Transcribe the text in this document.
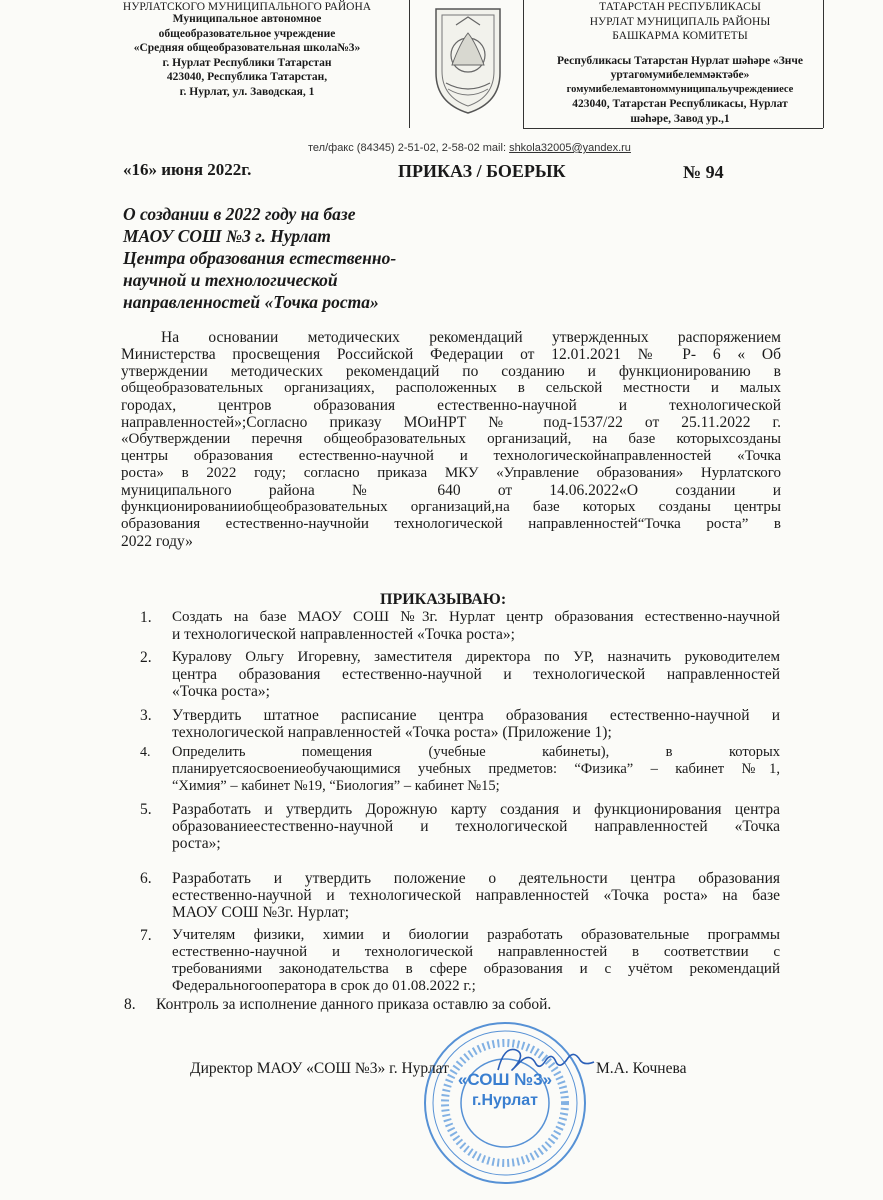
НУРЛАТСКОГО МУНИЦИПАЛЬНОГО РАЙОНА
Муниципальное автономное
общеобразовательное учреждение
«Средняя общеобразовательная школа№3»
г. Нурлат Республики Татарстан
423040, Республика Татарстан,
г. Нурлат, ул. Заводская, 1
ТАТАРСТАН РЕСПУБЛИКАСЫ
НУРЛАТ МУНИЦИПАЛЬ РАЙОНЫ
БАШКАРМА КОМИТЕТЫ
Республикасы Татарстан Нурлат шәһәре «Знче
уртагомумибелеммәктәбе»
гомумибелемавтономмуниципальучреждениесе
423040, Татарстан Республикасы, Нурлат
шәһәре, Завод ур.,1
тел/факс (84345) 2-51-02, 2-58-02 mail: shkola32005@yandex.ru
«16» июня 2022г.	ПРИКАЗ / БОЕРЫК	№ 94
О создании в 2022 году на базе
МАОУ СОШ №3 г. Нурлат
Центра образования естественно-
научной и технологической
направленностей «Точка роста»
На основании методических рекомендаций утвержденных распоряжением
Министерства просвещения Российской Федерации от 12.01.2021 № Р- 6 « Об
утверждении методических рекомендаций по созданию и функционированию в
общеобразовательных организациях, расположенных в сельской местности и малых
городах, центров образования естественно-научной и технологической
направленностей»;Согласно приказу МОиНРТ № под-1537/22 от 25.11.2022 г.
«Обутверждении перечня общеобразовательных организаций, на базе которыхсозданы
центры образования естественно-научной и технологическойнаправленностей «Точка
роста» в 2022 году; согласно приказа МКУ «Управление образования» Нурлатского
муниципального района № 640 от 14.06.2022«О создании и
функционированииобщеобразовательных организаций,на базе которых созданы центры
образования естественно-научнойи технологической направленностей“Точка роста” в
2022 году»
ПРИКАЗЫВАЮ:
1. Создать на базе МАОУ СОШ №3г. Нурлат центр образования естественно-научной
и технологической направленностей «Точка роста»;
2. Куралову Ольгу Игоревну, заместителя директора по УР, назначить руководителем
центра образования естественно-научной и технологической направленностей
«Точка роста»;
3. Утвердить штатное расписание центра образования естественно-научной и
технологической направленностей «Точка роста» (Приложение 1);
4. Определить помещения (учебные кабинеты), в которых
планируетсяосвоениеобучающимися учебных предметов: “Физика” – кабинет №1,
“Химия” – кабинет №19, “Биология” – кабинет №15;
5. Разработать и утвердить Дорожную карту создания и функционирования центра
образованиеестественно-научной и технологической направленностей «Точка
роста»;
6. Разработать и утвердить положение о деятельности центра образования
естественно-научной и технологической направленностей «Точка роста» на базе
МАОУ СОШ №3г. Нурлат;
7. Учителям физики, химии и биологии разработать образовательные программы
естественно-научной и технологической направленностей в соответствии с
требованиями законодательства в сфере образования и с учётом рекомендаций
Федеральногооператора в срок до 01.08.2022 г.;
8. Контроль за исполнение данного приказа оставлю за собой.
«СОШ №3»
г.Нурлат
Директор МАОУ «СОШ №3» г. Нурлат	М.А. Кочнева
